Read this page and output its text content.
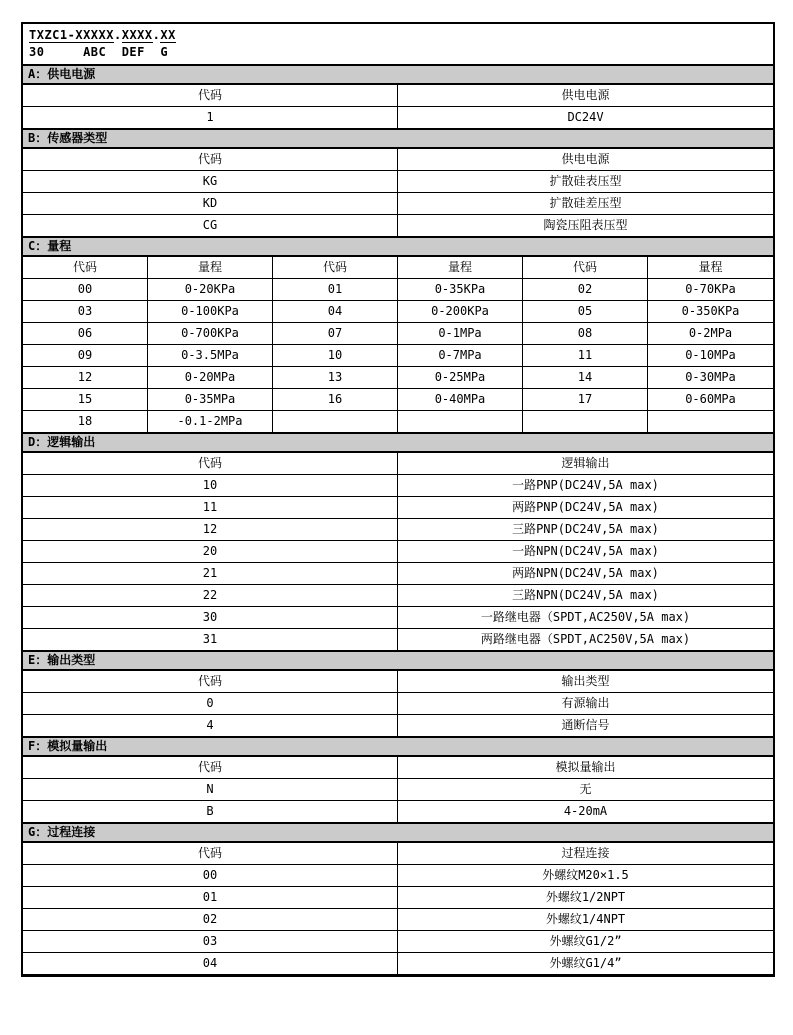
TXZC1-XXXXX.XXXX.XX
30     ABC  DEF  G
A：供电电源
代码	供电电源
1	DC24V
B：传感器类型
代码	供电电源
KG	扩散硅表压型
KD	扩散硅差压型
CG	陶瓷压阻表压型
C：量程
代码	量程	代码	量程	代码	量程
00	0-20KPa	01	0-35KPa	02	0-70KPa
03	0-100KPa	04	0-200KPa	05	0-350KPa
06	0-700KPa	07	0-1MPa	08	0-2MPa
09	0-3.5MPa	10	0-7MPa	11	0-10MPa
12	0-20MPa	13	0-25MPa	14	0-30MPa
15	0-35MPa	16	0-40MPa	17	0-60MPa
18	-0.1-2MPa
D：逻辑输出
代码	逻辑输出
10	一路PNP(DC24V,5A max)
11	两路PNP(DC24V,5A max)
12	三路PNP(DC24V,5A max)
20	一路NPN(DC24V,5A max)
21	两路NPN(DC24V,5A max)
22	三路NPN(DC24V,5A max)
30	一路继电器（SPDT,AC250V,5A max)
31	两路继电器（SPDT,AC250V,5A max)
E：输出类型
代码	输出类型
0	有源输出
4	通断信号
F：模拟量输出
代码	模拟量输出
N	无
B	4-20mA
G：过程连接
代码	过程连接
00	外螺纹M20×1.5
01	外螺纹1/2NPT
02	外螺纹1/4NPT
03	外螺纹G1/2”
04	外螺纹G1/4”
